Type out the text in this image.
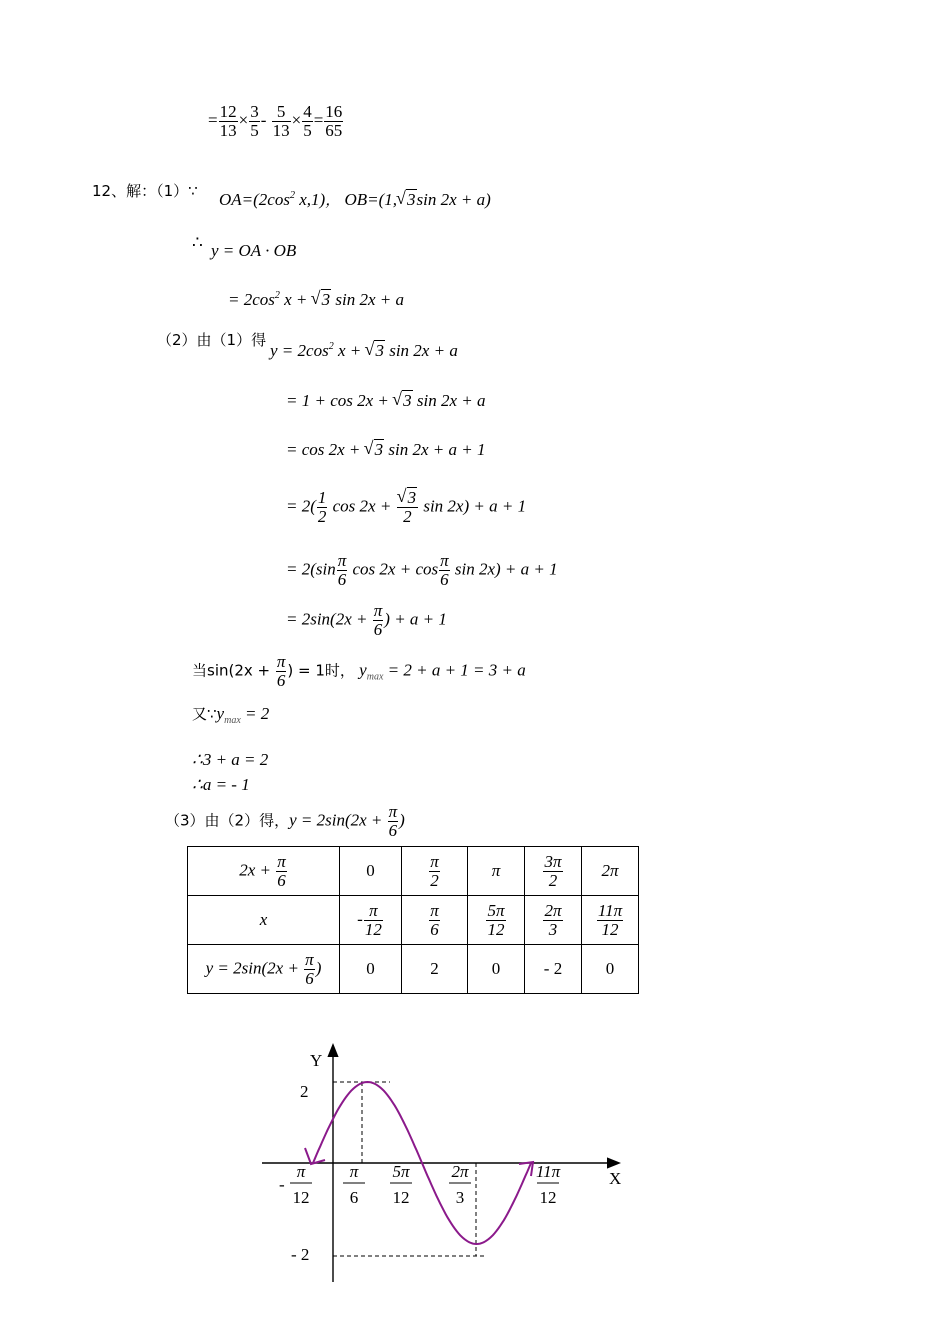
= $\frac{12}{13} \times \frac{3}{5} - \frac{5}{13} \times \frac{4}{5} = \frac{16}{65}$
12、解：（1）∵ $OA=(2\cos^2$ x,1)， OB=(1, √ 3sin 2x + a)
∴ y = OA · OB
= $2\cos^2$ x + √ 3 sin 2x + a
（2）由（1）得
$y = 2\cos^2$ x + √ 3 sin 2x + a
= 1 + cos 2x + √ 3 sin 2x + a
= cos 2x + √ 3 sin 2x + a + 1
= $2( \frac{1}{2}$ cos 2x + √ $\frac{3}{2}$ sin 2x) + a + 1
= $2(\sin \frac{\pi}{6}$ $\cos 2x + \cos \frac{\pi}{6}$ sin 2x) + a + 1
= $2\sin(2x + \frac{\pi}{6}$ ) + a + 1
当$\sin(2x + \frac{\pi}{6}$ ) = 1时， $y_{max} = 2 + a + 1 = 3 + a$
又$\because y_{max} = 2$
∴3 + a = 2
∴a = - 1
（3）由（2）得，$y = 2\sin(2x + \frac{\pi}{6}$ )
$2x + \frac{\pi}{6}$	0	$\frac{\pi}{2}$	π	$\frac{3\pi}{2}$	2π
x	- $\frac{\pi}{12}$	$\frac{\pi}{6}$	$\frac{5\pi}{12}$	$\frac{2\pi}{3}$	$\frac{11\pi}{12}$

$y = 2\sin(2x + \frac{\pi}{6}$ )	0	2	0	- 2	0
Y
X
2
- 2
-
π
12
π
6
5π
12
2π
3
11π
12
